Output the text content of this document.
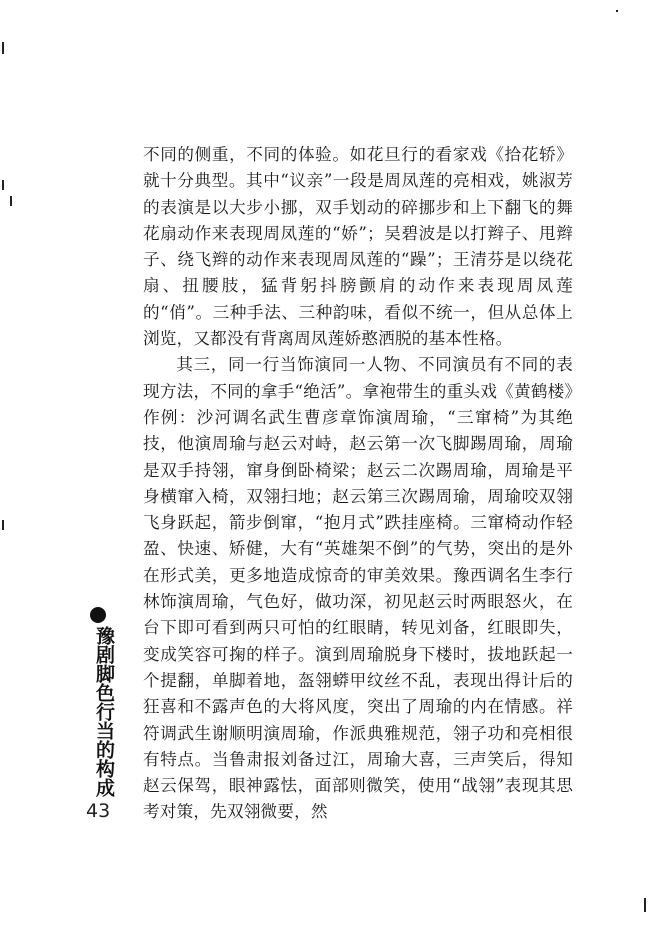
不同的侧重，不同的体验。如花旦行的看家戏《拾花轿》就十分典型。其中“议亲”一段是周凤莲的亮相戏，姚淑芳的表演是以大步小挪，双手划动的碎挪步和上下翻飞的舞花扇动作来表现周凤莲的“娇”；吴碧波是以打辫子、甩辫子、绕飞辫的动作来表现周凤莲的“躁”；王清芬是以绕花扇、扭腰肢，猛背躬抖膀颤肩的动作来表现周凤莲的“俏”。三种手法、三种韵味，看似不统一，但从总体上浏览，又都没有背离周凤莲娇憨洒脱的基本性格。

其三，同一行当饰演同一人物、不同演员有不同的表现方法，不同的拿手“绝活”。拿袍带生的重头戏《黄鹤楼》作例：沙河调名武生曹彦章饰演周瑜，“三窜椅”为其绝技，他演周瑜与赵云对峙，赵云第一次飞脚踢周瑜，周瑜是双手持翎，窜身倒卧椅梁；赵云二次踢周瑜，周瑜是平身横窜入椅，双翎扫地；赵云第三次踢周瑜，周瑜咬双翎飞身跃起，箭步倒窜，“抱月式”跌挂座椅。三窜椅动作轻盈、快速、矫健，大有“英雄架不倒”的气势，突出的是外在形式美，更多地造成惊奇的审美效果。豫西调名生李行林饰演周瑜，气色好，做功深，初见赵云时两眼怒火，在台下即可看到两只可怕的红眼睛，转见刘备，红眼即失，变成笑容可掬的样子。演到周瑜脱身下楼时，拔地跃起一个提翻，单脚着地，盔翎蟒甲纹丝不乱，表现出得计后的狂喜和不露声色的大将风度，突出了周瑜的内在情感。祥符调武生谢顺明演周瑜，作派典雅规范，翎子功和亮相很有特点。当鲁肃报刘备过江，周瑜大喜，三声笑后，得知赵云保驾，眼神露怯，面部则微笑，使用“战翎”表现其思考对策，先双翎微要，然

豫剧脚色行当的构成
43
